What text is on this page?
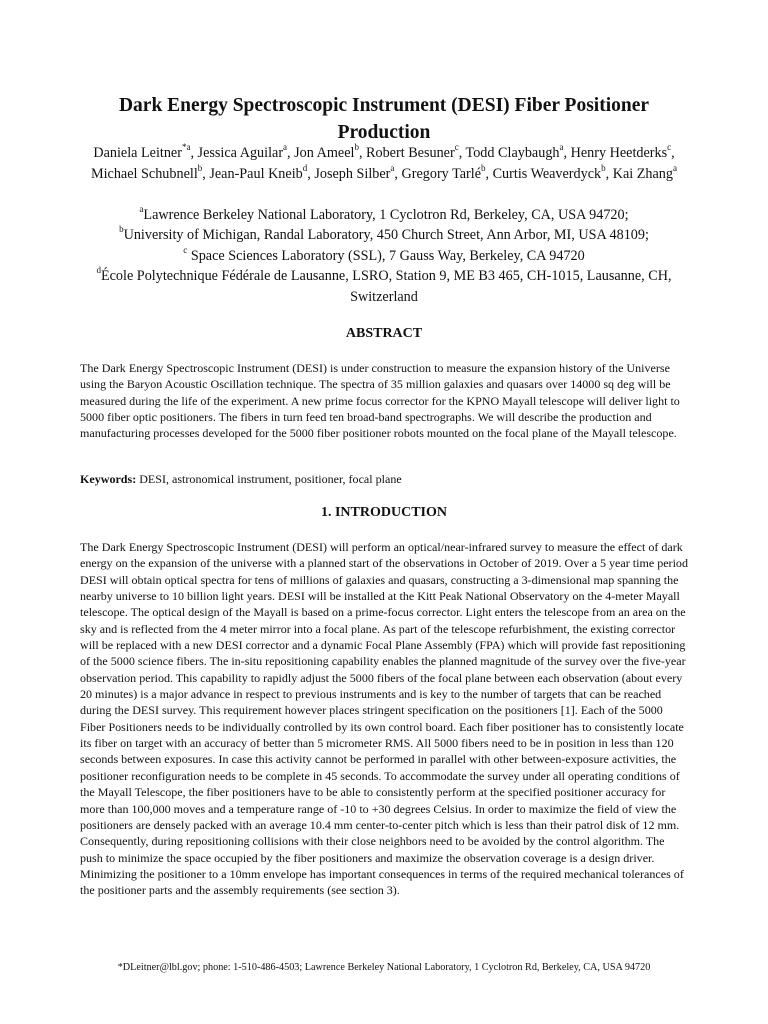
Dark Energy Spectroscopic Instrument (DESI) Fiber Positioner Production
Daniela Leitner$^{*a}$, Jessica Aguilar$^a$, Jon Ameel$^b$, Robert Besuner$^c$, Todd Claybaugh$^a$, Henry Heetderks$^c$, Michael Schubnell$^b$, Jean-Paul Kneib$^d$, Joseph Silber$^a$, Gregory Tarlé$^b$, Curtis Weaverdyck$^b$, Kai Zhang$^a$
$^a$Lawrence Berkeley National Laboratory, 1 Cyclotron Rd, Berkeley, CA, USA 94720;
$^b$University of Michigan, Randal Laboratory, 450 Church Street, Ann Arbor, MI, USA 48109;
$^c$ Space Sciences Laboratory (SSL), 7 Gauss Way, Berkeley, CA 94720
$^d$École Polytechnique Fédérale de Lausanne, LSRO, Station 9, ME B3 465, CH-1015, Lausanne, CH, Switzerland
ABSTRACT
The Dark Energy Spectroscopic Instrument (DESI) is under construction to measure the expansion history of the Universe using the Baryon Acoustic Oscillation technique. The spectra of 35 million galaxies and quasars over 14000 sq deg will be measured during the life of the experiment. A new prime focus corrector for the KPNO Mayall telescope will deliver light to 5000 fiber optic positioners. The fibers in turn feed ten broad-band spectrographs. We will describe the production and manufacturing processes developed for the 5000 fiber positioner robots mounted on the focal plane of the Mayall telescope.
Keywords: DESI, astronomical instrument, positioner, focal plane
1. INTRODUCTION
The Dark Energy Spectroscopic Instrument (DESI) will perform an optical/near-infrared survey to measure the effect of dark energy on the expansion of the universe with a planned start of the observations in October of 2019. Over a 5 year time period DESI will obtain optical spectra for tens of millions of galaxies and quasars, constructing a 3-dimensional map spanning the nearby universe to 10 billion light years. DESI will be installed at the Kitt Peak National Observatory on the 4-meter Mayall telescope. The optical design of the Mayall is based on a prime-focus corrector. Light enters the telescope from an area on the sky and is reflected from the 4 meter mirror into a focal plane. As part of the telescope refurbishment, the existing corrector will be replaced with a new DESI corrector and a dynamic Focal Plane Assembly (FPA) which will provide fast repositioning of the 5000 science fibers. The in-situ repositioning capability enables the planned magnitude of the survey over the five-year observation period. This capability to rapidly adjust the 5000 fibers of the focal plane between each observation (about every 20 minutes) is a major advance in respect to previous instruments and is key to the number of targets that can be reached during the DESI survey. This requirement however places stringent specification on the positioners [1]. Each of the 5000 Fiber Positioners needs to be individually controlled by its own control board. Each fiber positioner has to consistently locate its fiber on target with an accuracy of better than 5 micrometer RMS. All 5000 fibers need to be in position in less than 120 seconds between exposures. In case this activity cannot be performed in parallel with other between-exposure activities, the positioner reconfiguration needs to be complete in 45 seconds. To accommodate the survey under all operating conditions of the Mayall Telescope, the fiber positioners have to be able to consistently perform at the specified positioner accuracy for more than 100,000 moves and a temperature range of -10 to +30 degrees Celsius. In order to maximize the field of view the positioners are densely packed with an average 10.4 mm center-to-center pitch which is less than their patrol disk of 12 mm. Consequently, during repositioning collisions with their close neighbors need to be avoided by the control algorithm. The push to minimize the space occupied by the fiber positioners and maximize the observation coverage is a design driver. Minimizing the positioner to a 10mm envelope has important consequences in terms of the required mechanical tolerances of the positioner parts and the assembly requirements (see section 3).
*DLeitner@lbl.gov; phone: 1-510-486-4503; Lawrence Berkeley National Laboratory, 1 Cyclotron Rd, Berkeley, CA, USA 94720
